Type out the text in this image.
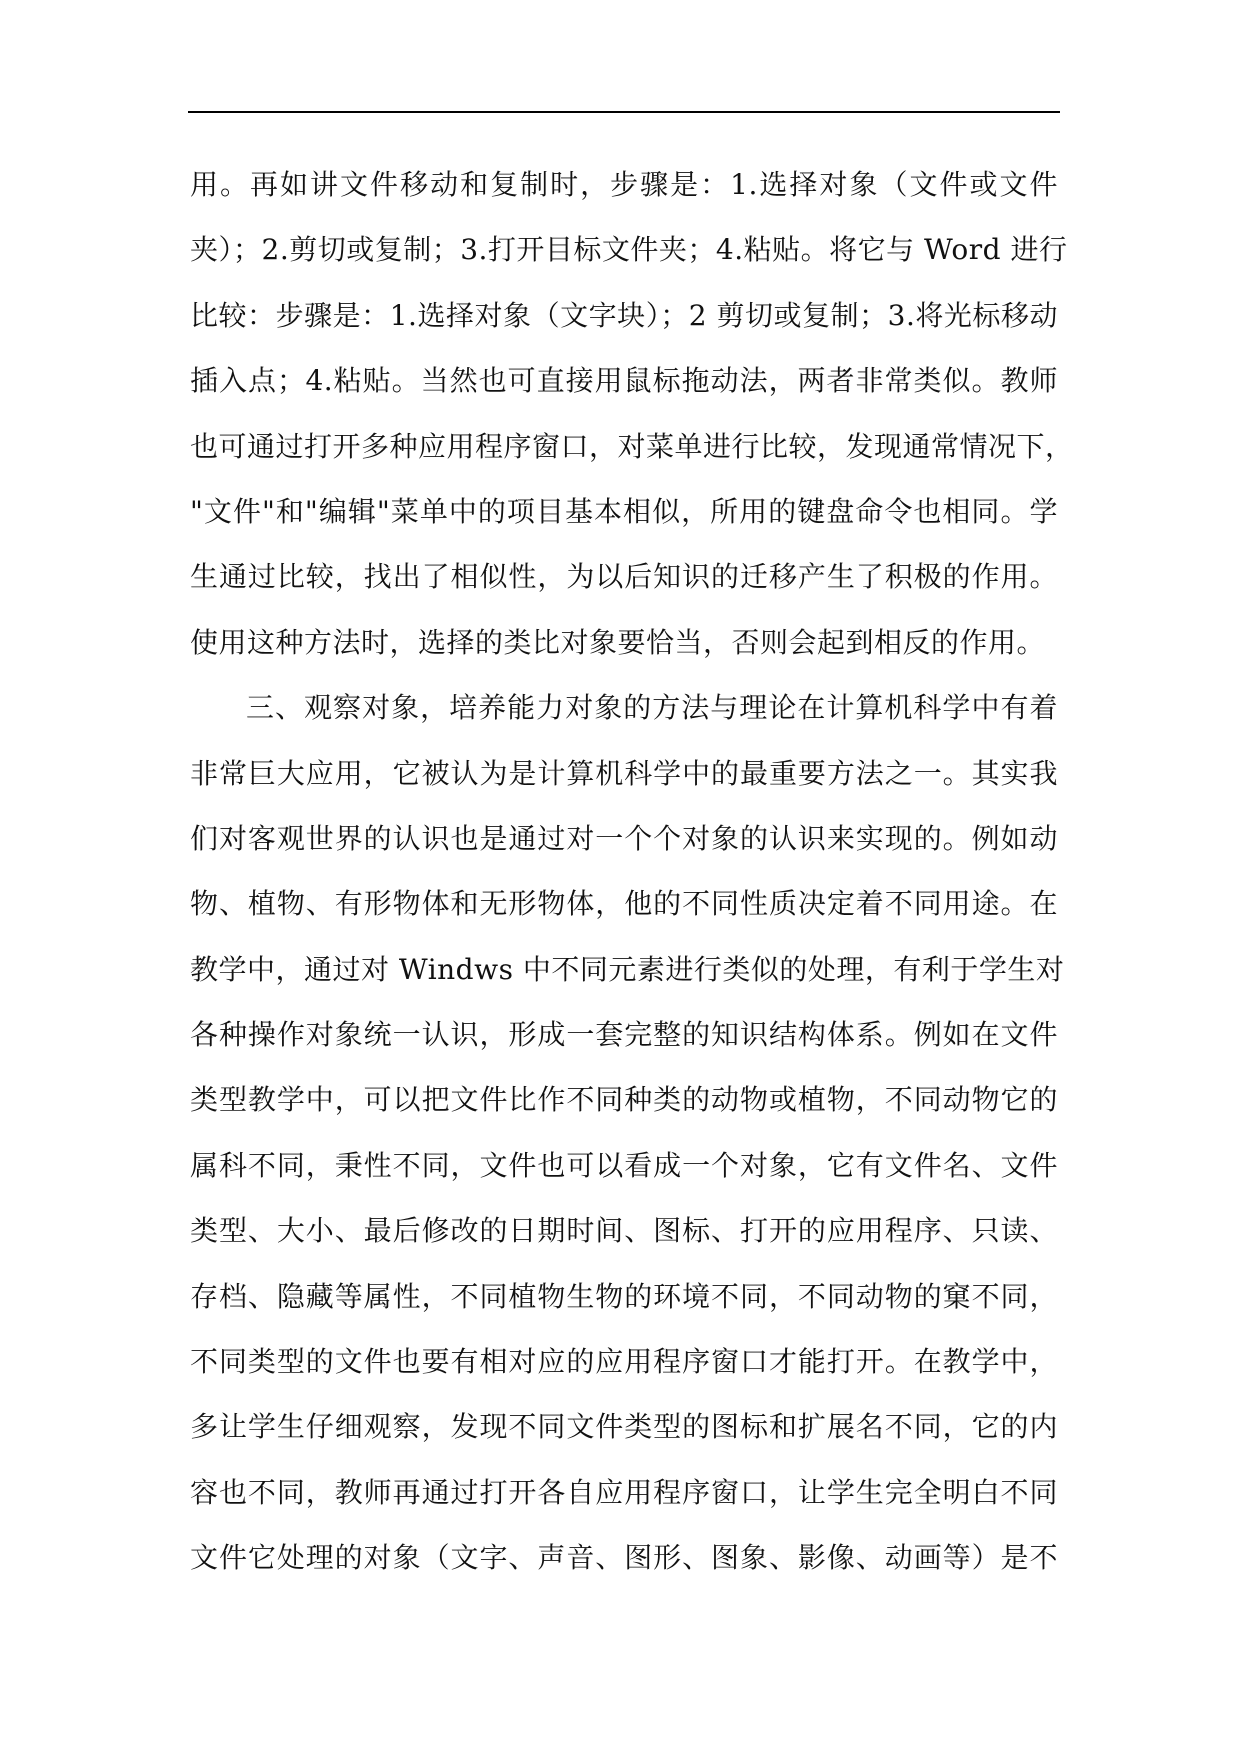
用。再如讲文件移动和复制时，步骤是：1.选择对象（文件或文件
夹）；2.剪切或复制；3.打开目标文件夹；4.粘贴。将它与 Word 进行
比较：步骤是：1.选择对象（文字块）；2 剪切或复制；3.将光标移动
插入点；4.粘贴。当然也可直接用鼠标拖动法，两者非常类似。教师
也可通过打开多种应用程序窗口，对菜单进行比较，发现通常情况下，
"文件"和"编辑"菜单中的项目基本相似，所用的键盘命令也相同。学
生通过比较，找出了相似性，为以后知识的迁移产生了积极的作用。
使用这种方法时，选择的类比对象要恰当，否则会起到相反的作用。
三、观察对象，培养能力对象的方法与理论在计算机科学中有着
非常巨大应用，它被认为是计算机科学中的最重要方法之一。其实我
们对客观世界的认识也是通过对一个个对象的认识来实现的。例如动
物、植物、有形物体和无形物体，他的不同性质决定着不同用途。在
教学中，通过对 Windws 中不同元素进行类似的处理，有利于学生对
各种操作对象统一认识，形成一套完整的知识结构体系。例如在文件
类型教学中，可以把文件比作不同种类的动物或植物，不同动物它的
属科不同，秉性不同，文件也可以看成一个对象，它有文件名、文件
类型、大小、最后修改的日期时间、图标、打开的应用程序、只读、
存档、隐藏等属性，不同植物生物的环境不同，不同动物的窠不同，
不同类型的文件也要有相对应的应用程序窗口才能打开。在教学中，
多让学生仔细观察，发现不同文件类型的图标和扩展名不同，它的内
容也不同，教师再通过打开各自应用程序窗口，让学生完全明白不同
文件它处理的对象（文字、声音、图形、图象、影像、动画等）是不
